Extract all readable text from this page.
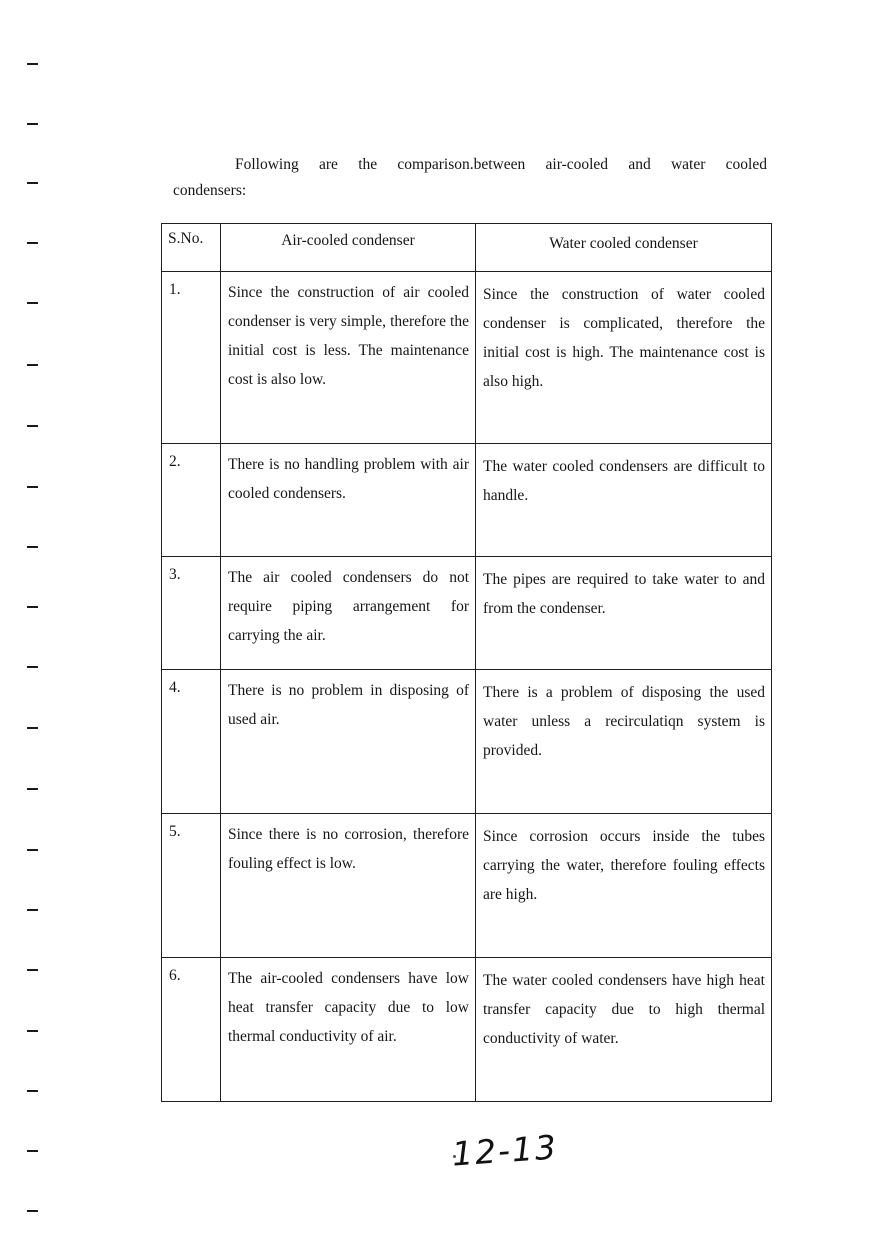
Following are the comparison.between air-cooled and water cooled condensers:

S.No.	Air-cooled condenser	Water cooled condenser
1.	Since the construction of air cooled condenser is very simple, therefore the initial cost is less. The maintenance cost is also low.	Since the construction of water cooled condenser is complicated, therefore the initial cost is high. The maintenance cost is also high.
2.	There is no handling problem with air cooled condensers.	The water cooled condensers are difficult to handle.
3.	The air cooled condensers do not require piping arrangement for carrying the air.	The pipes are required to take water to and from the condenser.
4.	There is no problem in disposing of used air.	There is a problem of disposing the used water unless a recirculatiqn system is provided.
5.	Since there is no corrosion, therefore fouling effect is low.	Since corrosion occurs inside the tubes carrying the water, therefore fouling effects are high.
6.	The air-cooled condensers have low heat transfer capacity due to low thermal conductivity of air.	The water cooled condensers have high heat transfer capacity due to high thermal conductivity of water.
12-13
